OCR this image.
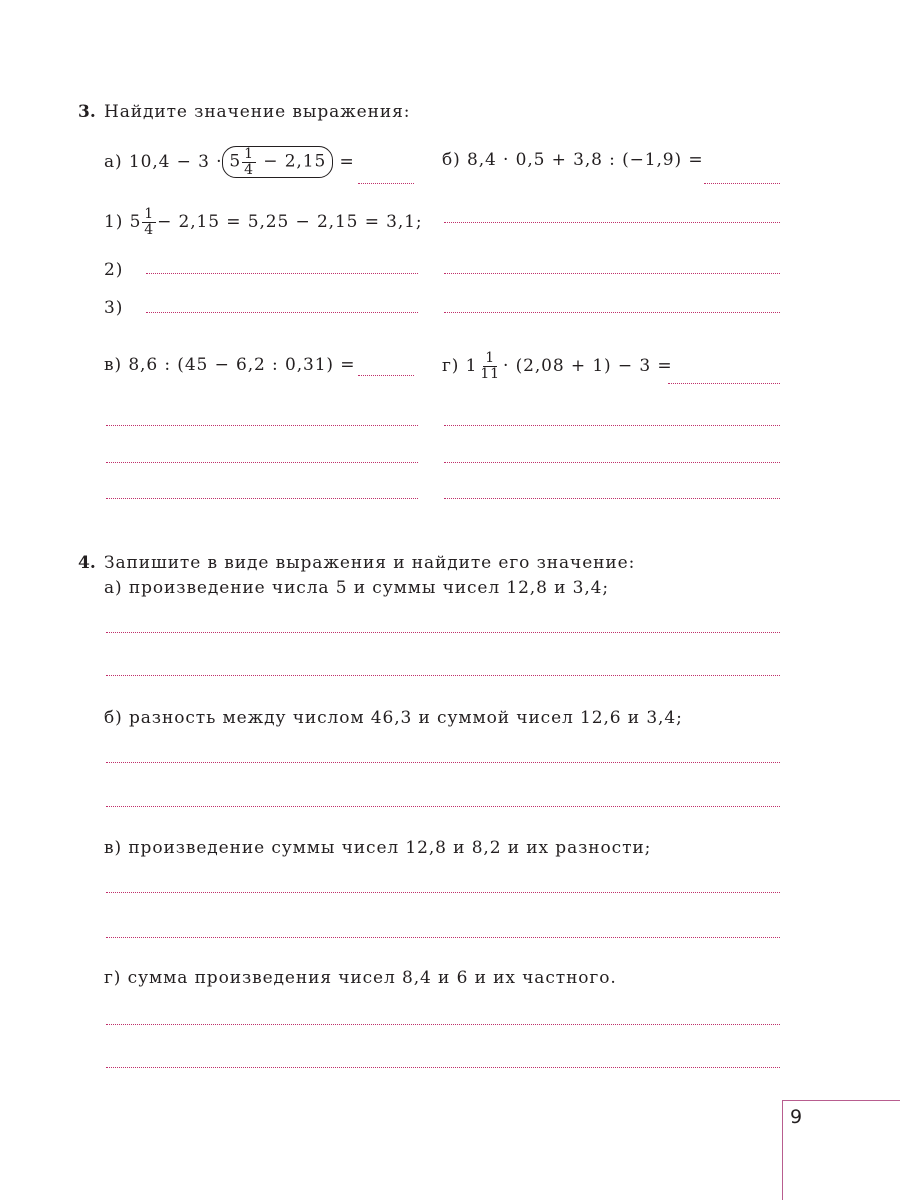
3. Найдите значение выражения:
а)
$10,4 - 3 \cdot 5 \frac{1}{4} - 2,15$
=	б) 8,4 · 0,5 + 3,8 : (−1,9) =
1)
$5 \frac{1}{4} - 2,15 = 5,25 - 2,15 = 3,1$;
2)
3)
в) 8,6 : (45 − 6,2 : 0,31) =	г)
$1 \frac{1}{11} \cdot (2,08 + 1) - 3$ =
4. Запишите в виде выражения и найдите его значение:
а) произведение числа 5 и суммы чисел 12,8 и 3,4;
б) разность между числом 46,3 и суммой чисел 12,6 и 3,4;
в) произведение суммы чисел 12,8 и 8,2 и их разности;
г) сумма произведения чисел 8,4 и 6 и их частного.
9
